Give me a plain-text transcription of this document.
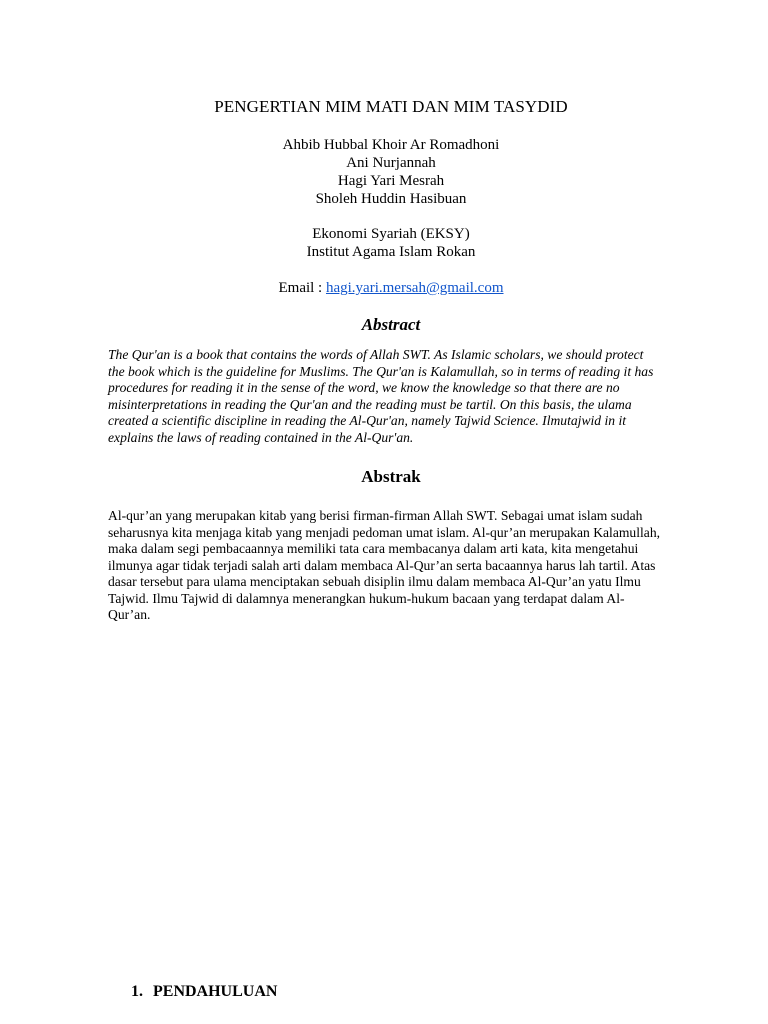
PENGERTIAN MIM MATI DAN MIM TASYDID
Ahbib Hubbal Khoir Ar Romadhoni
Ani Nurjannah
Hagi Yari Mesrah
Sholeh Huddin Hasibuan
Ekonomi Syariah (EKSY)
Institut Agama Islam Rokan
Email : hagi.yari.mersah@gmail.com
Abstract
The Qur'an is a book that contains the words of Allah SWT. As Islamic scholars, we should protect
the book which is the guideline for Muslims. The Qur'an is Kalamullah, so in terms of reading it has
procedures for reading it in the sense of the word, we know the knowledge so that there are no
misinterpretations in reading the Qur'an and the reading must be tartil. On this basis, the ulama
created a scientific discipline in reading the Al-Qur'an, namely Tajwid Science. Ilmutajwid in it
explains the laws of reading contained in the Al-Qur'an.
Abstrak
Al-qur’an yang merupakan kitab yang berisi firman-firman Allah SWT. Sebagai umat islam sudah
seharusnya kita menjaga kitab yang menjadi pedoman umat islam. Al-qur’an merupakan Kalamullah,
maka dalam segi pembacaannya memiliki tata cara membacanya dalam arti kata, kita mengetahui
ilmunya agar tidak terjadi salah arti dalam membaca Al-Qur’an serta bacaannya harus lah tartil. Atas
dasar tersebut para ulama menciptakan sebuah disiplin ilmu dalam membaca Al-Qur’an yatu Ilmu
Tajwid. Ilmu Tajwid di dalamnya menerangkan hukum-hukum bacaan yang terdapat dalam Al-
Qur’an.
1. PENDAHULUAN
